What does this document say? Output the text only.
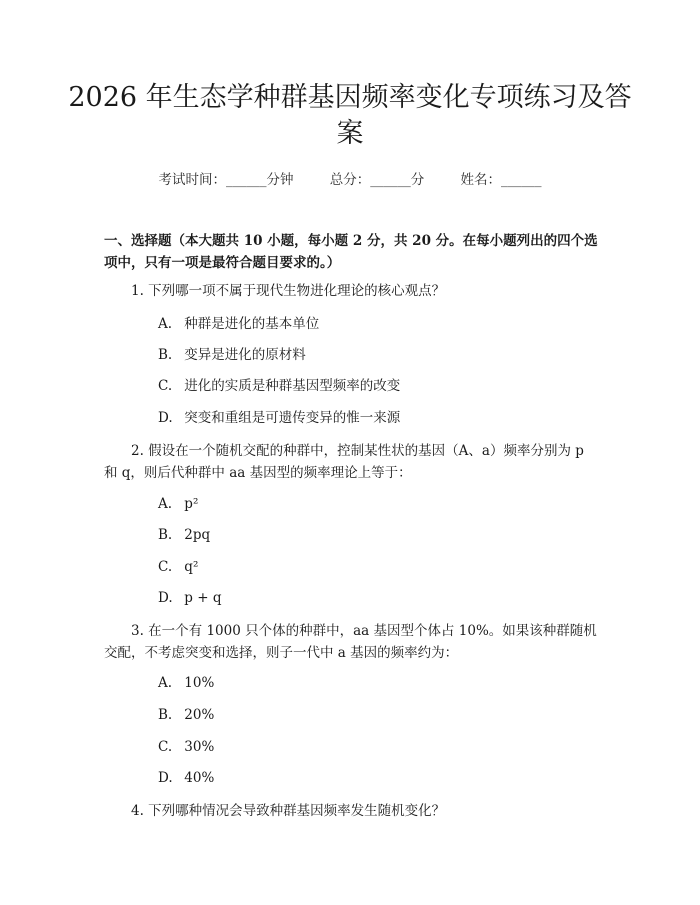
2026 年生态学种群基因频率变化专项练习及答案
考试时间：______分钟	总分：______分	姓名：______

一、选择题（本大题共 10 小题，每小题 2 分，共 20 分。在每小题列出的四个选项中，只有一项是最符合题目要求的。）

1. 下列哪一项不属于现代生物进化理论的核心观点？

A. 种群是进化的基本单位

B. 变异是进化的原材料

C. 进化的实质是种群基因型频率的改变

D. 突变和重组是可遗传变异的惟一来源

2. 假设在一个随机交配的种群中，控制某性状的基因（A、a）频率分别为 p 和 q，则后代种群中 aa 基因型的频率理论上等于：

A. p²

B. 2pq

C. q²

D. p + q

3. 在一个有 1000 只个体的种群中，aa 基因型个体占 10%。如果该种群随机交配，不考虑突变和选择，则子一代中 a 基因的频率约为：

A. 10%

B. 20%

C. 30%

D. 40%

4. 下列哪种情况会导致种群基因频率发生随机变化？
